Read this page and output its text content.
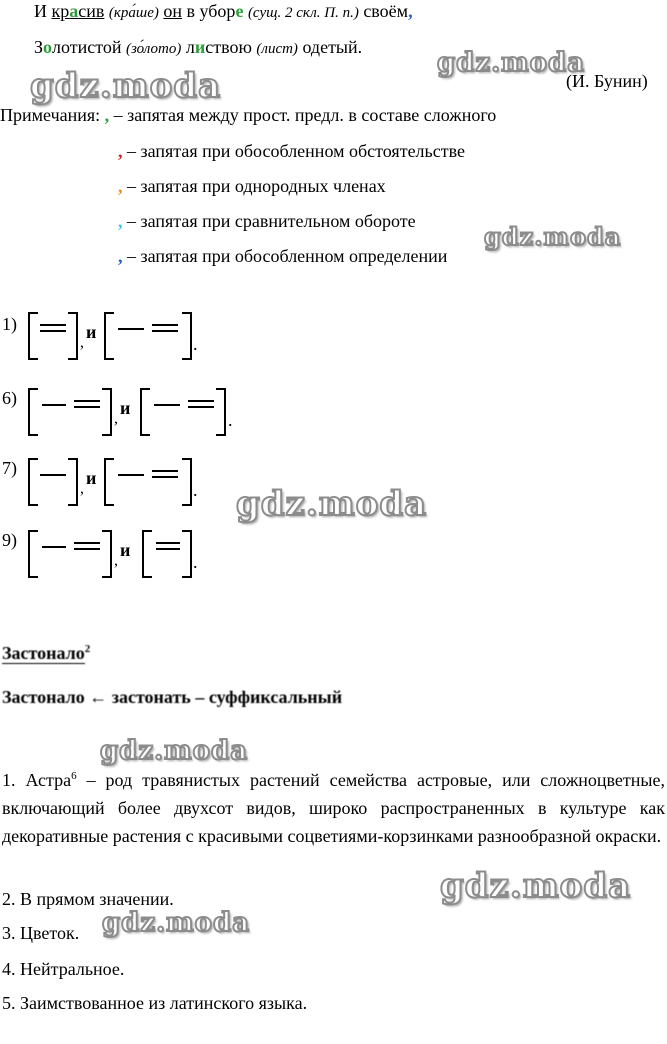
И красив (кра́ше) он в уборе (сущ. 2 скл. П. п.) своём,
Золотистой (зо́лото) листвою (лист) одетый.
(И. Бунин)
Примечания: , – запятая между прост. предл. в составе сложного
, – запятая при обособленном обстоятельстве
, – запятая при однородных членах
, – запятая при сравнительном обороте
, – запятая при обособленном определении
1)
,
и
.
6)
,
и
.
7)
,
и
.
9)
,
и
.
Застонало$^2$
Застонало ← застонать – суффиксальный
1. Астра$^6$ – род травянистых растений семейства астровые, или сложноцветные, включающий более двухсот видов, широко распространенных в культуре как декоративные растения с красивыми соцветиями-корзинками разнообразной окраски.
2. В прямом значении.
3. Цветок.
4. Нейтральное.
5. Заимствованное из латинского языка.
gdz.moda
gdz.moda
gdz.moda
gdz.moda
gdz.moda
gdz.moda
gdz.moda
